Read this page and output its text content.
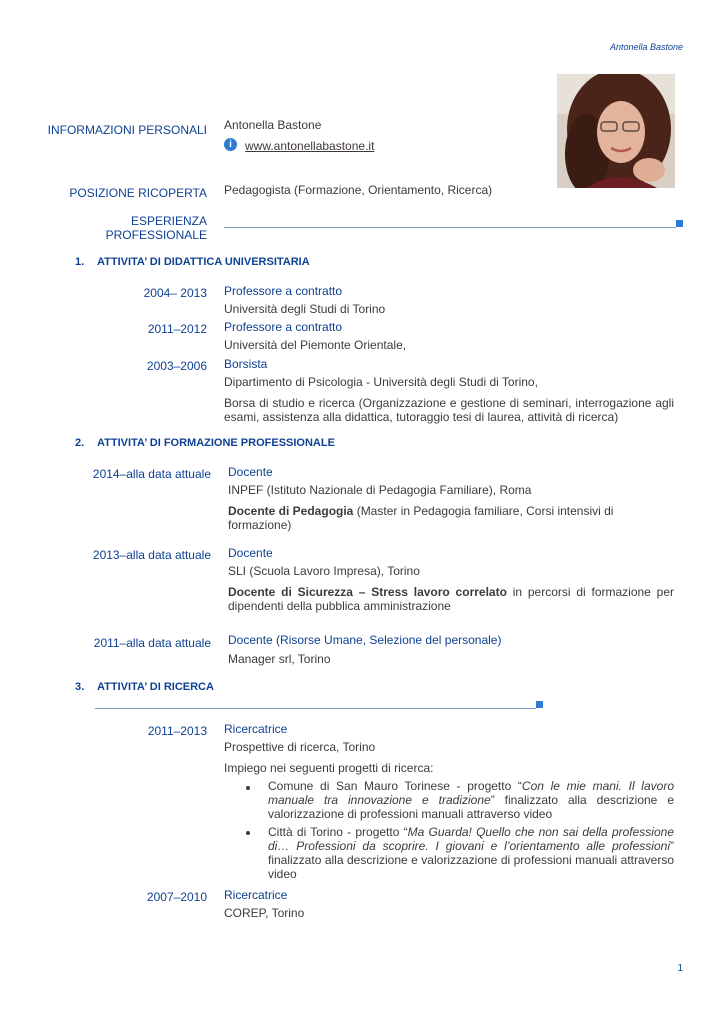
Antonella Bastone
INFORMAZIONI PERSONALI Antonella Bastone
i	www.antonellabastone.it
POSIZIONE RICOPERTA Pedagogista (Formazione, Orientamento, Ricerca)
ESPERIENZA
PROFESSIONALE
1. ATTIVITA’ DI DIDATTICA UNIVERSITARIA
2004– 2013 Professore a contratto
Università degli Studi di Torino
2011–2012 Professore a contratto
Università del Piemonte Orientale,
2003–2006 Borsista
Dipartimento di Psicologia - Università degli Studi di Torino,
Borsa di studio e ricerca (Organizzazione e gestione di seminari, interrogazione agli esami, assistenza alla didattica, tutoraggio tesi di laurea, attività di ricerca)
2. ATTIVITA’ DI FORMAZIONE PROFESSIONALE
2014–alla data attuale Docente
INPEF (Istituto Nazionale di Pedagogia Familiare), Roma
Docente di Pedagogia (Master in Pedagogia familiare, Corsi intensivi di formazione)
2013–alla data attuale Docente
SLI (Scuola Lavoro Impresa), Torino
Docente di Sicurezza – Stress lavoro correlato in percorsi di formazione per dipendenti della pubblica amministrazione
2011–alla data attuale Docente (Risorse Umane, Selezione del personale)
Manager srl, Torino
3. ATTIVITA’ DI RICERCA
2011–2013 Ricercatrice
Prospettive di ricerca, Torino
Impiego nei seguenti progetti di ricerca:
Comune di San Mauro Torinese - progetto “Con le mie mani. Il lavoro manuale tra innovazione e tradizione” finalizzato alla descrizione e valorizzazione di professioni manuali attraverso video
Città di Torino - progetto “Ma Guarda! Quello che non sai della professione di… Professioni da scoprire. I giovani e l’orientamento alle professioni” finalizzato alla descrizione e valorizzazione di professioni manuali attraverso video
2007–2010 Ricercatrice
COREP, Torino
1
